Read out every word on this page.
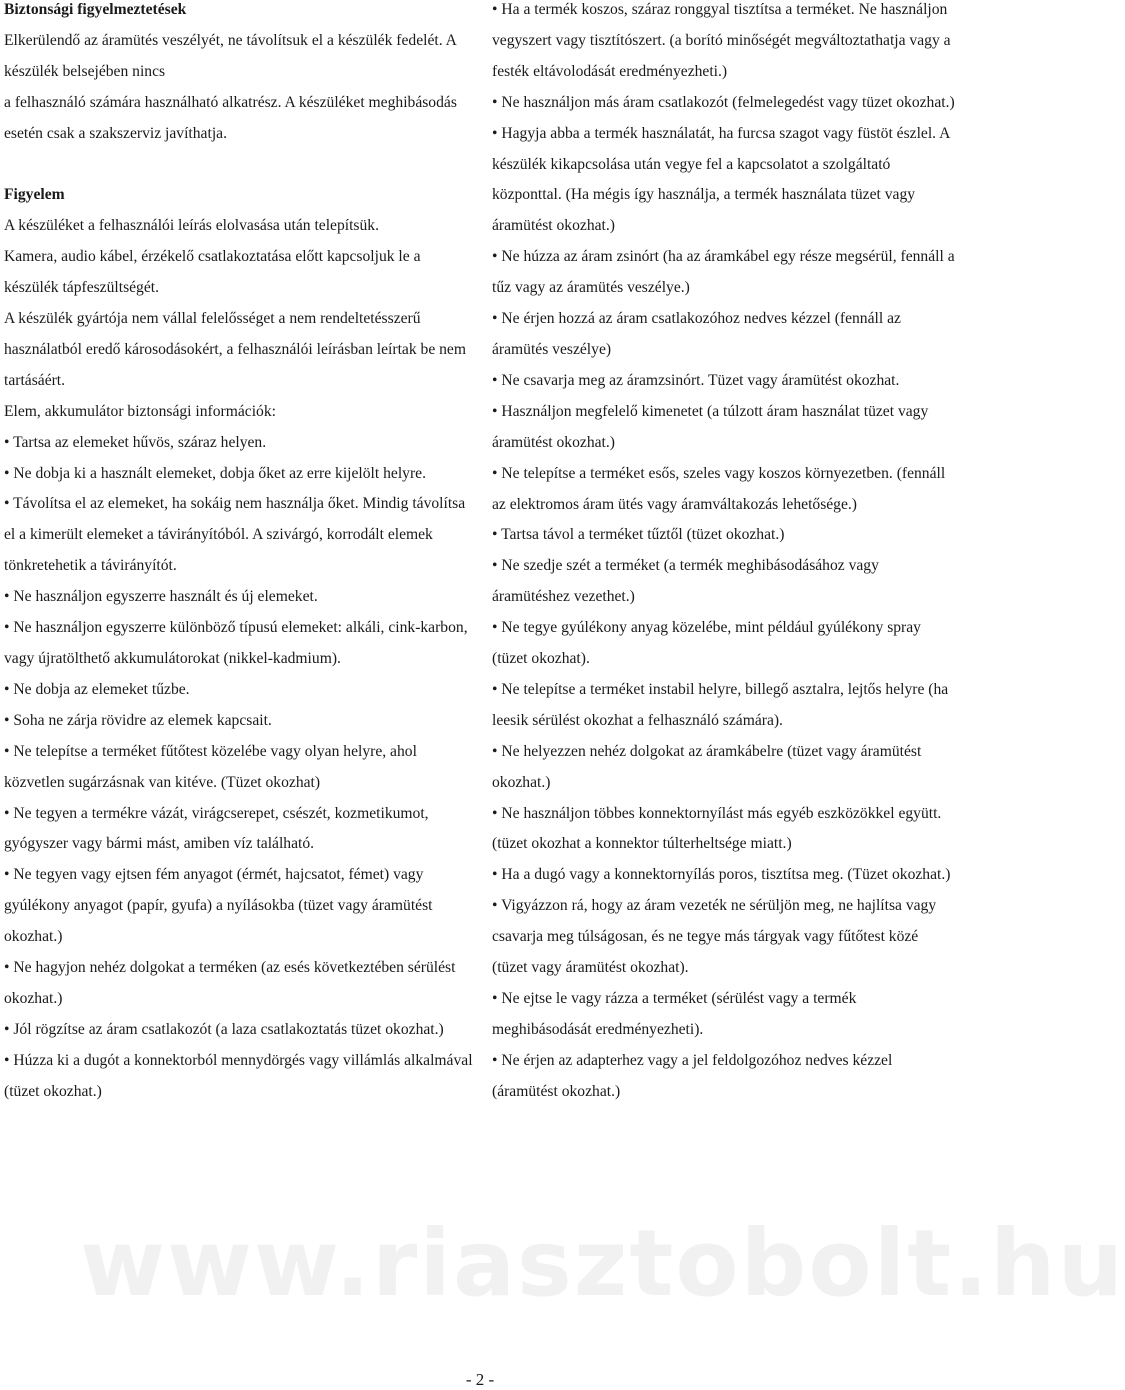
www.riasztobolt.hu

Biztonsági figyelmeztetések

Elkerülendő az áramütés veszélyét, ne távolítsuk el a készülék fedelét. A készülék belsejében nincs

a felhasználó számára használható alkatrész. A készüléket meghibásodás esetén csak a szakszerviz javíthatja.

Figyelem

A készüléket a felhasználói leírás elolvasása után telepítsük.

Kamera, audio kábel, érzékelő csatlakoztatása előtt kapcsoljuk le a készülék tápfeszültségét.

A készülék gyártója nem vállal felelősséget a nem rendeltetésszerű használatból eredő károsodásokért, a felhasználói leírásban leírtak be nem tartásáért.

Elem, akkumulátor biztonsági információk:

• Tartsa az elemeket hűvös, száraz helyen.

• Ne dobja ki a használt elemeket, dobja őket az erre kijelölt helyre.

• Távolítsa el az elemeket, ha sokáig nem használja őket. Mindig távolítsa el a kimerült elemeket a távirányítóból. A szivárgó, korrodált elemek tönkretehetik a távirányítót.

• Ne használjon egyszerre használt és új elemeket.

• Ne használjon egyszerre különböző típusú elemeket: alkáli, cink-karbon, vagy újratölthető akkumulátorokat (nikkel-kadmium).

• Ne dobja az elemeket tűzbe.

• Soha ne zárja rövidre az elemek kapcsait.

• Ne telepítse a terméket fűtőtest közelébe vagy olyan helyre, ahol közvetlen sugárzásnak van kitéve. (Tüzet okozhat)

• Ne tegyen a termékre vázát, virágcserepet, csészét, kozmetikumot, gyógyszer vagy bármi mást, amiben víz található.

• Ne tegyen vagy ejtsen fém anyagot (érmét, hajcsatot, fémet) vagy gyúlékony anyagot (papír, gyufa) a nyílásokba (tüzet vagy áramütést okozhat.)

• Ne hagyjon nehéz dolgokat a terméken (az esés következtében sérülést okozhat.)

• Jól rögzítse az áram csatlakozót (a laza csatlakoztatás tüzet okozhat.)

• Húzza ki a dugót a konnektorból mennydörgés vagy villámlás alkalmával (tüzet okozhat.)

• Ha a termék koszos, száraz ronggyal tisztítsa a terméket. Ne használjon vegyszert vagy tisztítószert. (a borító minőségét megváltoztathatja vagy a festék eltávolodását eredményezheti.)

• Ne használjon más áram csatlakozót (felmelegedést vagy tüzet okozhat.)

• Hagyja abba a termék használatát, ha furcsa szagot vagy füstöt észlel. A készülék kikapcsolása után vegye fel a kapcsolatot a szolgáltató központtal. (Ha mégis így használja, a termék használata tüzet vagy áramütést okozhat.)

• Ne húzza az áram zsinórt (ha az áramkábel egy része megsérül, fennáll a tűz vagy az áramütés veszélye.)

• Ne érjen hozzá az áram csatlakozóhoz nedves kézzel (fennáll az áramütés veszélye)

• Ne csavarja meg az áramzsinórt. Tüzet vagy áramütést okozhat.

• Használjon megfelelő kimenetet (a túlzott áram használat tüzet vagy áramütést okozhat.)

• Ne telepítse a terméket esős, szeles vagy koszos környezetben. (fennáll az elektromos áram ütés vagy áramváltakozás lehetősége.)

• Tartsa távol a terméket tűztől (tüzet okozhat.)

• Ne szedje szét a terméket (a termék meghibásodásához vagy áramütéshez vezethet.)

• Ne tegye gyúlékony anyag közelébe, mint például gyúlékony spray (tüzet okozhat).

• Ne telepítse a terméket instabil helyre, billegő asztalra, lejtős helyre (ha leesik sérülést okozhat a felhasználó számára).

• Ne helyezzen nehéz dolgokat az áramkábelre (tüzet vagy áramütést okozhat.)

• Ne használjon többes konnektornyílást más egyéb eszközökkel együtt. (tüzet okozhat a konnektor túlterheltsége miatt.)

• Ha a dugó vagy a konnektornyílás poros, tisztítsa meg. (Tüzet okozhat.)

• Vigyázzon rá, hogy az áram vezeték ne sérüljön meg, ne hajlítsa vagy csavarja meg túlságosan, és ne tegye más tárgyak vagy fűtőtest közé (tüzet vagy áramütést okozhat).

• Ne ejtse le vagy rázza a terméket (sérülést vagy a termék meghibásodását eredményezheti).

• Ne érjen az adapterhez vagy a jel feldolgozóhoz nedves kézzel (áramütést okozhat.)

- 2 -
